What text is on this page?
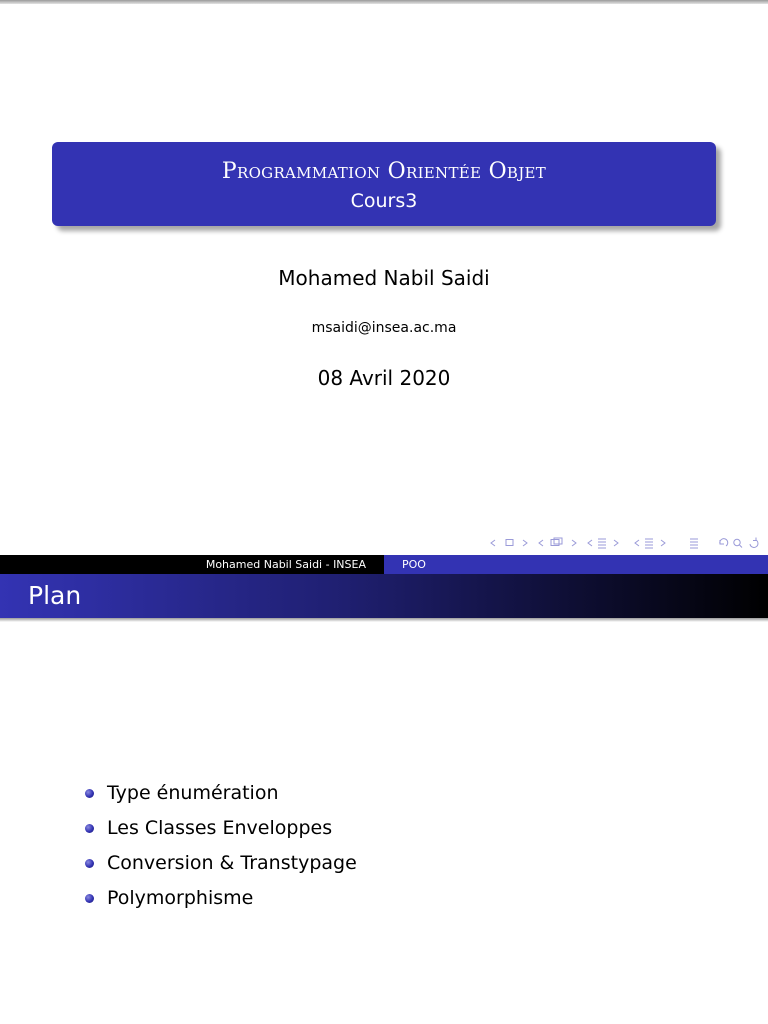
Programmation Orientée Objet
Cours3
Mohamed Nabil Saidi
msaidi@insea.ac.ma
08 Avril 2020
Mohamed Nabil Saidi - INSEA	POO
Plan
Type énumération
Les Classes Enveloppes
Conversion & Transtypage
Polymorphisme
